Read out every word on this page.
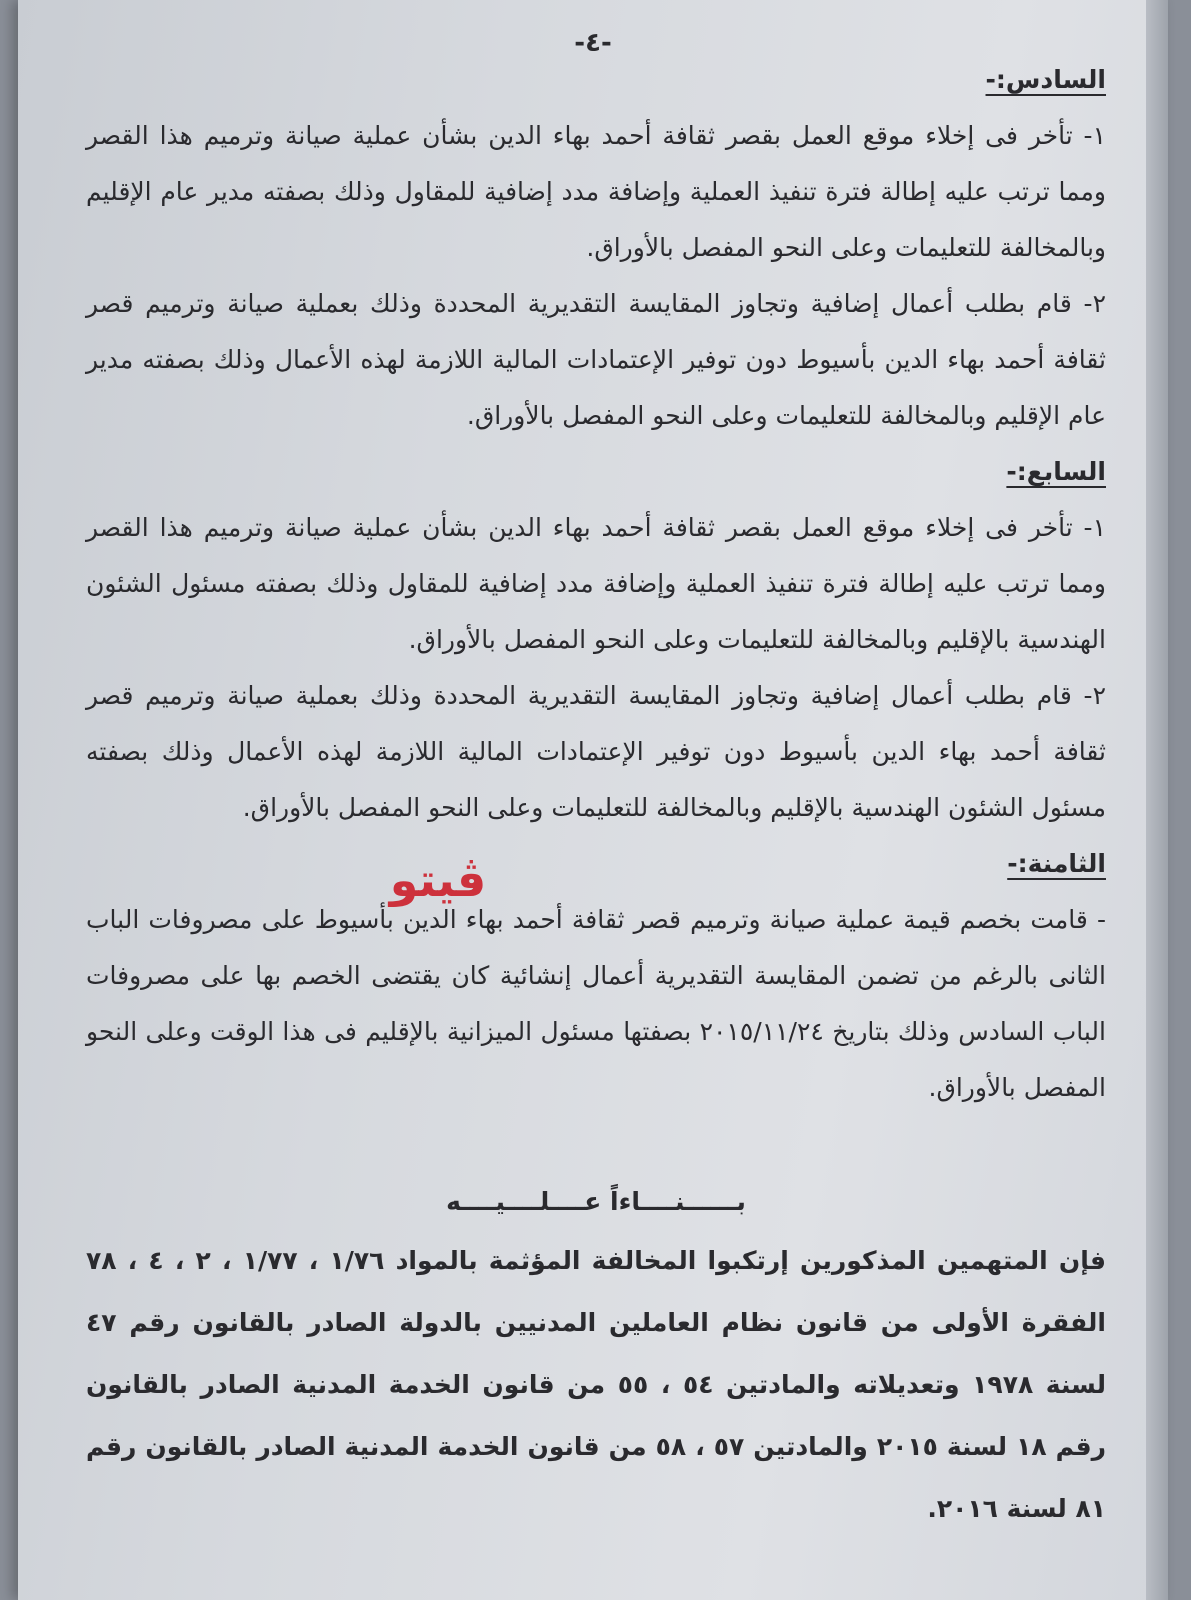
-٤-
السادس:-

١- تأخر فى إخلاء موقع العمل بقصر ثقافة أحمد بهاء الدين بشأن عملية صيانة وترميم هذا القصر ومما ترتب عليه إطالة فترة تنفيذ العملية وإضافة مدد إضافية للمقاول وذلك بصفته مدير عام الإقليم وبالمخالفة للتعليمات وعلى النحو المفصل بالأوراق.

٢- قام بطلب أعمال إضافية وتجاوز المقايسة التقديرية المحددة وذلك بعملية صيانة وترميم قصر ثقافة أحمد بهاء الدين بأسيوط دون توفير الإعتمادات المالية اللازمة لهذه الأعمال وذلك بصفته مدير عام الإقليم وبالمخالفة للتعليمات وعلى النحو المفصل بالأوراق.

السابع:-

١- تأخر فى إخلاء موقع العمل بقصر ثقافة أحمد بهاء الدين بشأن عملية صيانة وترميم هذا القصر ومما ترتب عليه إطالة فترة تنفيذ العملية وإضافة مدد إضافية للمقاول وذلك بصفته مسئول الشئون الهندسية بالإقليم وبالمخالفة للتعليمات وعلى النحو المفصل بالأوراق.

٢- قام بطلب أعمال إضافية وتجاوز المقايسة التقديرية المحددة وذلك بعملية صيانة وترميم قصر ثقافة أحمد بهاء الدين بأسيوط دون توفير الإعتمادات المالية اللازمة لهذه الأعمال وذلك بصفته مسئول الشئون الهندسية بالإقليم وبالمخالفة للتعليمات وعلى النحو المفصل بالأوراق.

الثامنة:-

- قامت بخصم قيمة عملية صيانة وترميم قصر ثقافة أحمد بهاء الدين بأسيوط على مصروفات الباب الثانى بالرغم من تضمن المقايسة التقديرية أعمال إنشائية كان يقتضى الخصم بها على مصروفات الباب السادس وذلك بتاريخ ٢٠١٥/١١/٢٤ بصفتها مسئول الميزانية بالإقليم فى هذا الوقت وعلى النحو المفصل بالأوراق.

بــــــنــــاءاً عــــلــــيــــه

فإن المتهمين المذكورين إرتكبوا المخالفة المؤثمة بالمواد ١/٧٦ ، ١/٧٧ ، ٢ ، ٤ ، ٧٨ الفقرة الأولى من قانون نظام العاملين المدنيين بالدولة الصادر بالقانون رقم ٤٧ لسنة ١٩٧٨ وتعديلاته والمادتين ٥٤ ، ٥٥ من قانون الخدمة المدنية الصادر بالقانون رقم ١٨ لسنة ٢٠١٥ والمادتين ٥٧ ، ٥٨ من قانون الخدمة المدنية الصادر بالقانون رقم ٨١ لسنة ٢٠١٦.

ڤيتو
